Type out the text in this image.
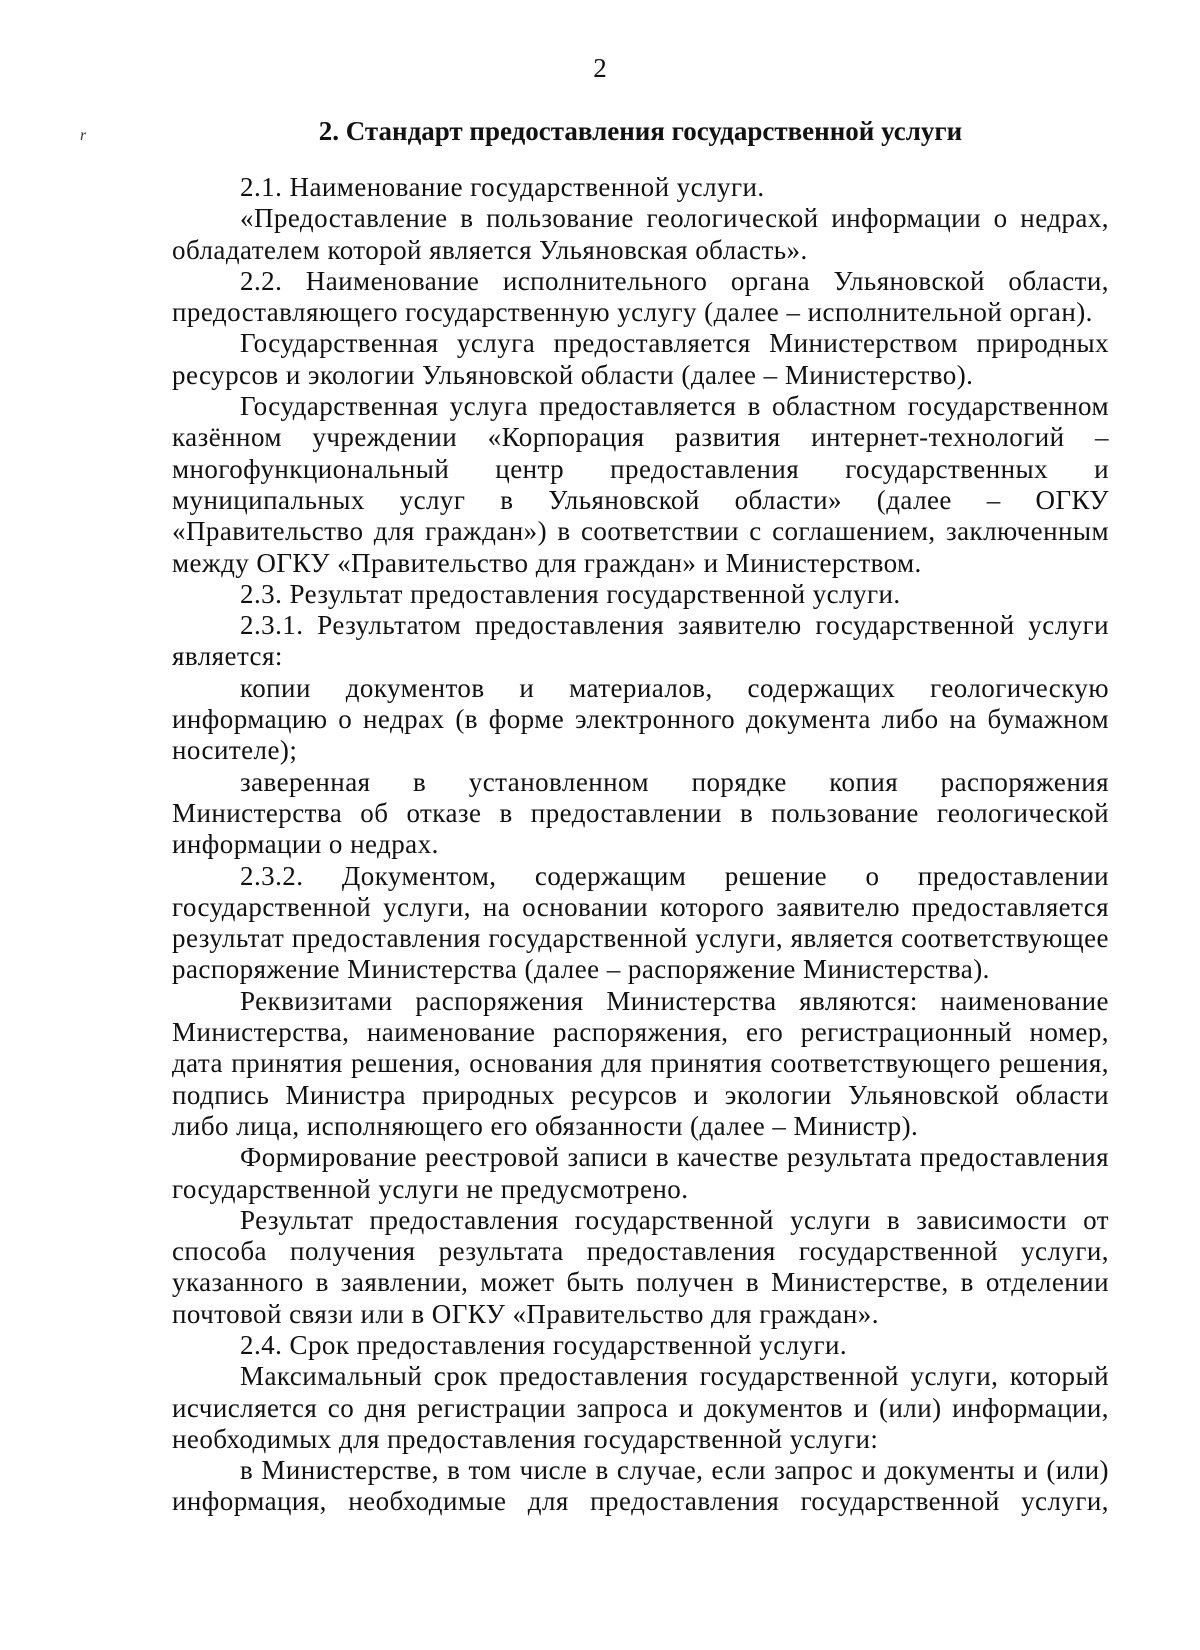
2
r	2. Стандарт предоставления государственной услуги

2.1. Наименование государственной услуги.

«Предоставление в пользование геологической информации о недрах, обладателем которой является Ульяновская область».

2.2. Наименование исполнительного органа Ульяновской области, предоставляющего государственную услугу (далее – исполнительной орган).

Государственная услуга предоставляется Министерством природных ресурсов и экологии Ульяновской области (далее – Министерство).

Государственная услуга предоставляется в областном государственном казённом учреждении «Корпорация развития интернет-технологий – многофункциональный центр предоставления государственных и муниципальных услуг в Ульяновской области» (далее – ОГКУ «Правительство для граждан») в соответствии с соглашением, заключенным между ОГКУ «Правительство для граждан» и Министерством.

2.3. Результат предоставления государственной услуги.

2.3.1. Результатом предоставления заявителю государственной услуги является:

копии документов и материалов, содержащих геологическую информацию о недрах (в форме электронного документа либо на бумажном носителе);

заверенная в установленном порядке копия распоряжения Министерства об отказе в предоставлении в пользование геологической информации о недрах.

2.3.2. Документом, содержащим решение о предоставлении государственной услуги, на основании которого заявителю предоставляется результат предоставления государственной услуги, является соответствующее распоряжение Министерства (далее – распоряжение Министерства).

Реквизитами распоряжения Министерства являются: наименование Министерства, наименование распоряжения, его регистрационный номер, дата принятия решения, основания для принятия соответствующего решения, подпись Министра природных ресурсов и экологии Ульяновской области либо лица, исполняющего его обязанности (далее – Министр).

Формирование реестровой записи в качестве результата предоставления государственной услуги не предусмотрено.

Результат предоставления государственной услуги в зависимости от способа получения результата предоставления государственной услуги, указанного в заявлении, может быть получен в Министерстве, в отделении почтовой связи или в ОГКУ «Правительство для граждан».

2.4. Срок предоставления государственной услуги.

Максимальный срок предоставления государственной услуги, который исчисляется со дня регистрации запроса и документов и (или) информации, необходимых для предоставления государственной услуги:

в Министерстве, в том числе в случае, если запрос и документы и (или) информация, необходимые для предоставления государственной услуги,
